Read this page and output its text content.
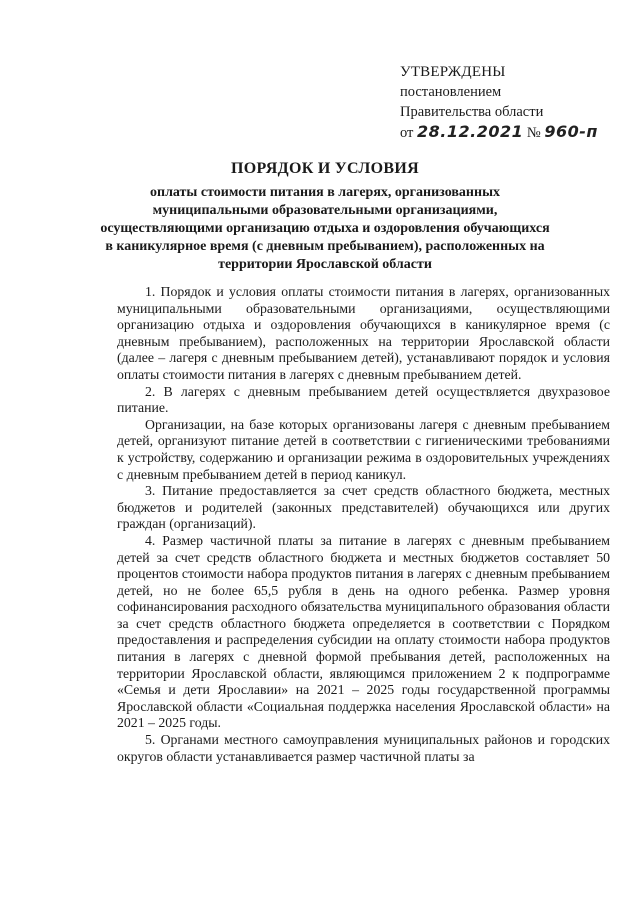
УТВЕРЖДЕНЫ
постановлением
Правительства области
от 28.12.2021 № 960-п
ПОРЯДОК И УСЛОВИЯ
оплаты стоимости питания в лагерях, организованных муниципальными образовательными организациями, осуществляющими организацию отдыха и оздоровления обучающихся в каникулярное время (с дневным пребыванием), расположенных на территории Ярославской области

1. Порядок и условия оплаты стоимости питания в лагерях, организованных муниципальными образовательными организациями, осуществляющими организацию отдыха и оздоровления обучающихся в каникулярное время (с дневным пребыванием), расположенных на территории Ярославской области (далее – лагеря с дневным пребыванием детей), устанавливают порядок и условия оплаты стоимости питания в лагерях с дневным пребыванием детей.

2. В лагерях с дневным пребыванием детей осуществляется двухразовое питание.

Организации, на базе которых организованы лагеря с дневным пребыванием детей, организуют питание детей в соответствии с гигиеническими требованиями к устройству, содержанию и организации режима в оздоровительных учреждениях с дневным пребыванием детей в период каникул.

3. Питание предоставляется за счет средств областного бюджета, местных бюджетов и родителей (законных представителей) обучающихся или других граждан (организаций).

4. Размер частичной платы за питание в лагерях с дневным пребыванием детей за счет средств областного бюджета и местных бюджетов составляет 50 процентов стоимости набора продуктов питания в лагерях с дневным пребыванием детей, но не более 65,5 рубля в день на одного ребенка. Размер уровня софинансирования расходного обязательства муниципального образования области за счет средств областного бюджета определяется в соответствии с Порядком предоставления и распределения субсидии на оплату стоимости набора продуктов питания в лагерях с дневной формой пребывания детей, расположенных на территории Ярославской области, являющимся приложением 2 к подпрограмме «Семья и дети Ярославии» на 2021 – 2025 годы государственной программы Ярославской области «Социальная поддержка населения Ярославской области» на 2021 – 2025 годы.

5. Органами местного самоуправления муниципальных районов и городских округов области устанавливается размер частичной платы за
